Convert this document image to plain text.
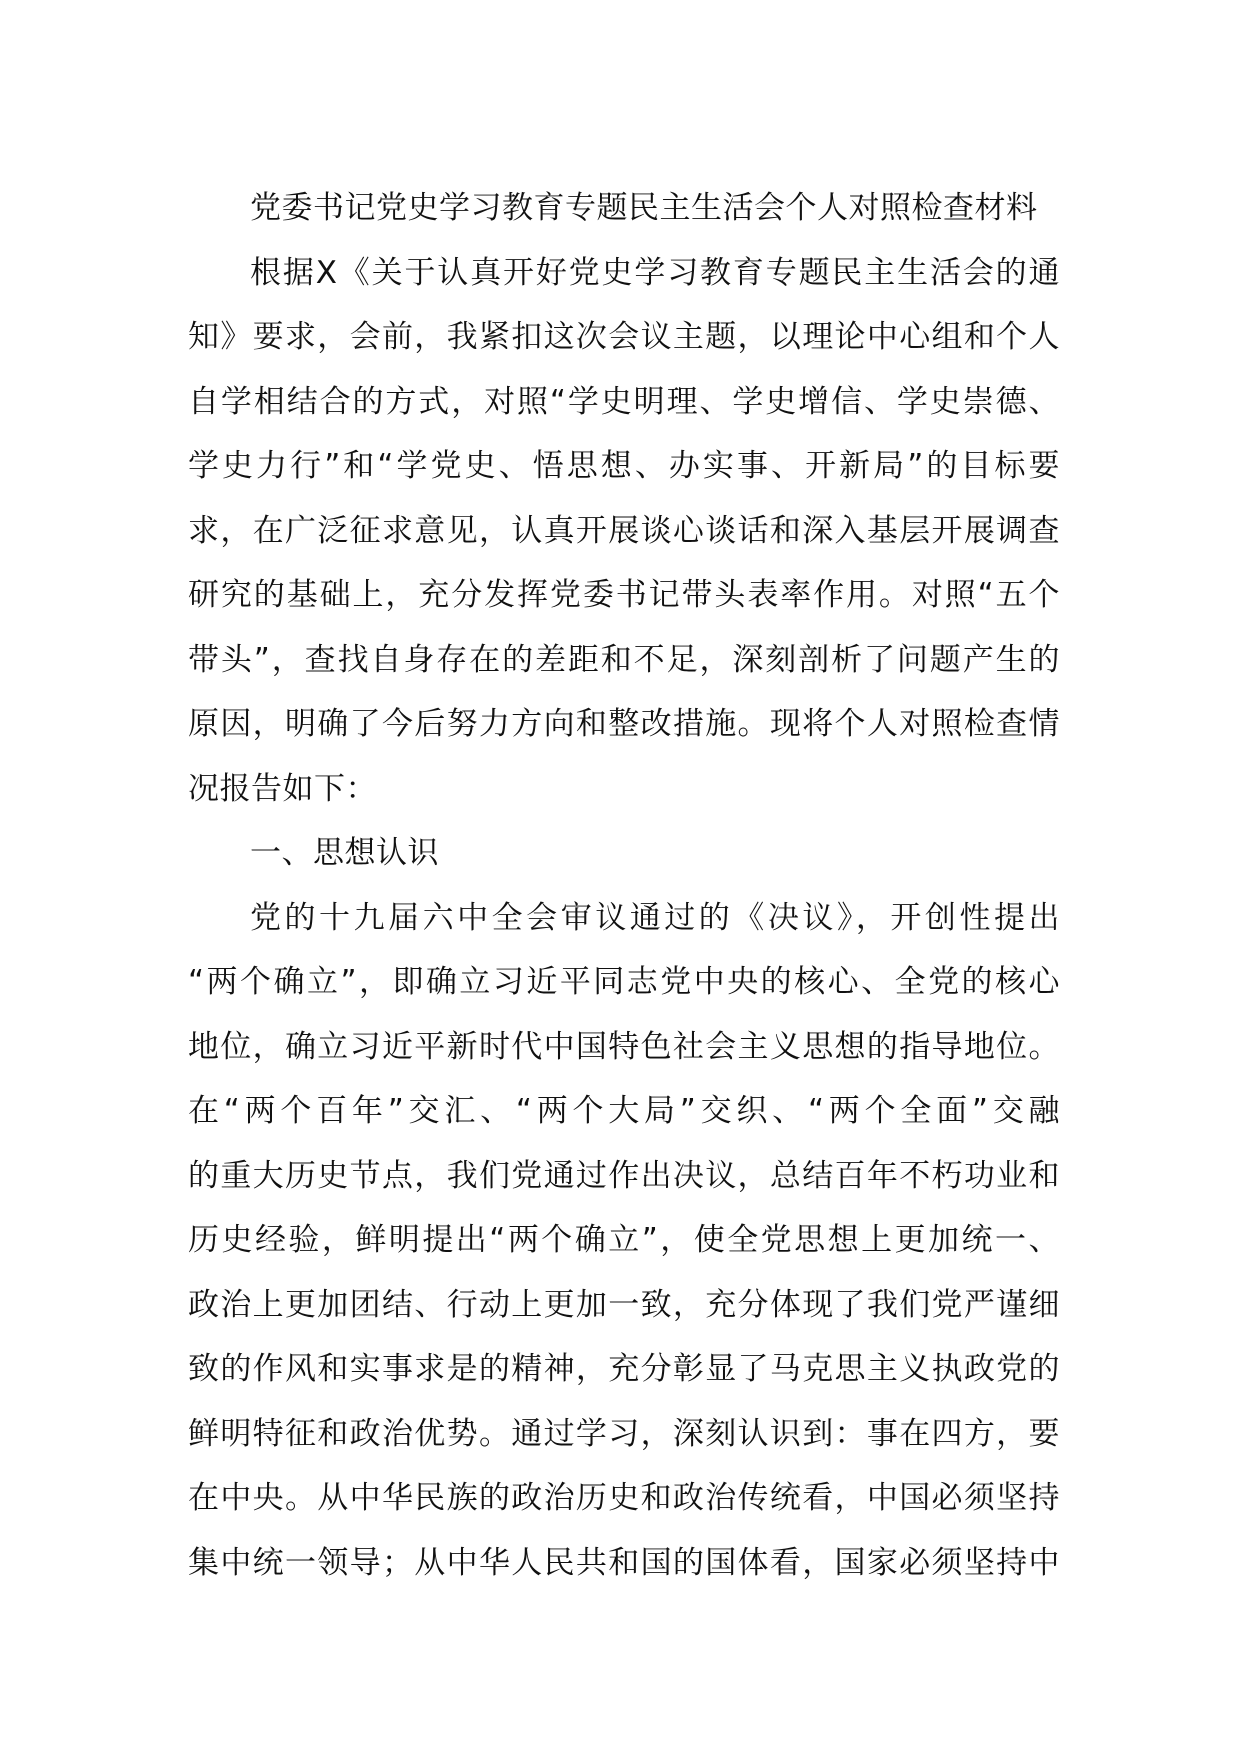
党委书记党史学习教育专题民主生活会个人对照检查材料
根据X《关于认真开好党史学习教育专题民主生活会的通
知》要求，会前，我紧扣这次会议主题，以理论中心组和个人
自学相结合的方式，对照“学史明理、学史增信、学史崇德、
学史力行”和“学党史、悟思想、办实事、开新局”的目标要
求，在广泛征求意见，认真开展谈心谈话和深入基层开展调查
研究的基础上，充分发挥党委书记带头表率作用。对照“五个
带头”，查找自身存在的差距和不足，深刻剖析了问题产生的
原因，明确了今后努力方向和整改措施。现将个人对照检查情
况报告如下：
一、思想认识
党的十九届六中全会审议通过的《决议》，开创性提出
“两个确立”，即确立习近平同志党中央的核心、全党的核心
地位，确立习近平新时代中国特色社会主义思想的指导地位。
在“两个百年”交汇、“两个大局”交织、“两个全面”交融
的重大历史节点，我们党通过作出决议，总结百年不朽功业和
历史经验，鲜明提出“两个确立”，使全党思想上更加统一、
政治上更加团结、行动上更加一致，充分体现了我们党严谨细
致的作风和实事求是的精神，充分彰显了马克思主义执政党的
鲜明特征和政治优势。通过学习，深刻认识到：事在四方，要
在中央。从中华民族的政治历史和政治传统看，中国必须坚持
集中统一领导；从中华人民共和国的国体看，国家必须坚持中
